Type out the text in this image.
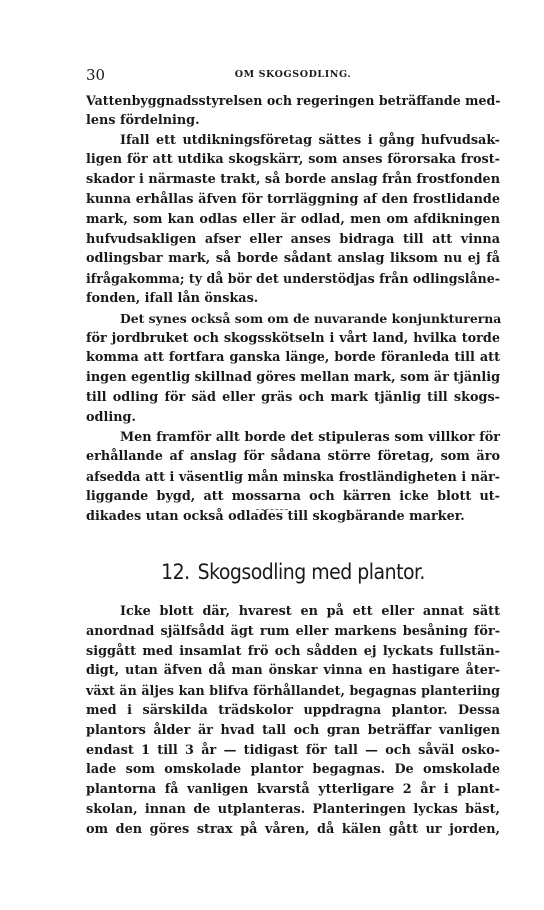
30	OM SKOGSODLING.
Vattenbyggnadsstyrelsen och regeringen beträffande med-
lens fördelning.
Ifall ett utdikningsföretag sättes i gång hufvudsak-
ligen för att utdika skogskärr, som anses förorsaka frost-
skador i närmaste trakt, så borde anslag från frostfonden
kunna erhållas äfven för torrläggning af den frostlidande
mark, som kan odlas eller är odlad, men om afdikningen
hufvudsakligen afser eller anses bidraga till att vinna
odlingsbar mark, så borde sådant anslag liksom nu ej få
ifrågakomma; ty då bör det understödjas från odlingslåne-
fonden, ifall lån önskas.
Det synes också som om de nuvarande konjunkturerna
för jordbruket och skogsskötseln i vårt land, hvilka torde
komma att fortfara ganska länge, borde föranleda till att
ingen egentlig skillnad göres mellan mark, som är tjänlig
till odling för säd eller gräs och mark tjänlig till skogs-
odling.
Men framför allt borde det stipuleras som villkor för
erhållande af anslag för sådana större företag, som äro
afsedda att i väsentlig mån minska frostländigheten i när-
liggande bygd, att mossarna och kärren icke blott ut-
dikades utan också odlades till skogbärande marker.
12. Skogsodling med plantor.
Icke blott där, hvarest en på ett eller annat sätt
anordnad själfsådd ägt rum eller markens besåning för-
siggått med insamlat frö och sådden ej lyckats fullstän-
digt, utan äfven då man önskar vinna en hastigare åter-
växt än äljes kan blifva förhållandet, begagnas planteriing
med i särskilda trädskolor uppdragna plantor. Dessa
plantors ålder är hvad tall och gran beträffar vanligen
endast 1 till 3 år — tidigast för tall — och såväl osko-
lade som omskolade plantor begagnas. De omskolade
plantorna få vanligen kvarstå ytterligare 2 år i plant-
skolan, innan de utplanteras. Planteringen lyckas bäst,
om den göres strax på våren, då kälen gått ur jorden,
